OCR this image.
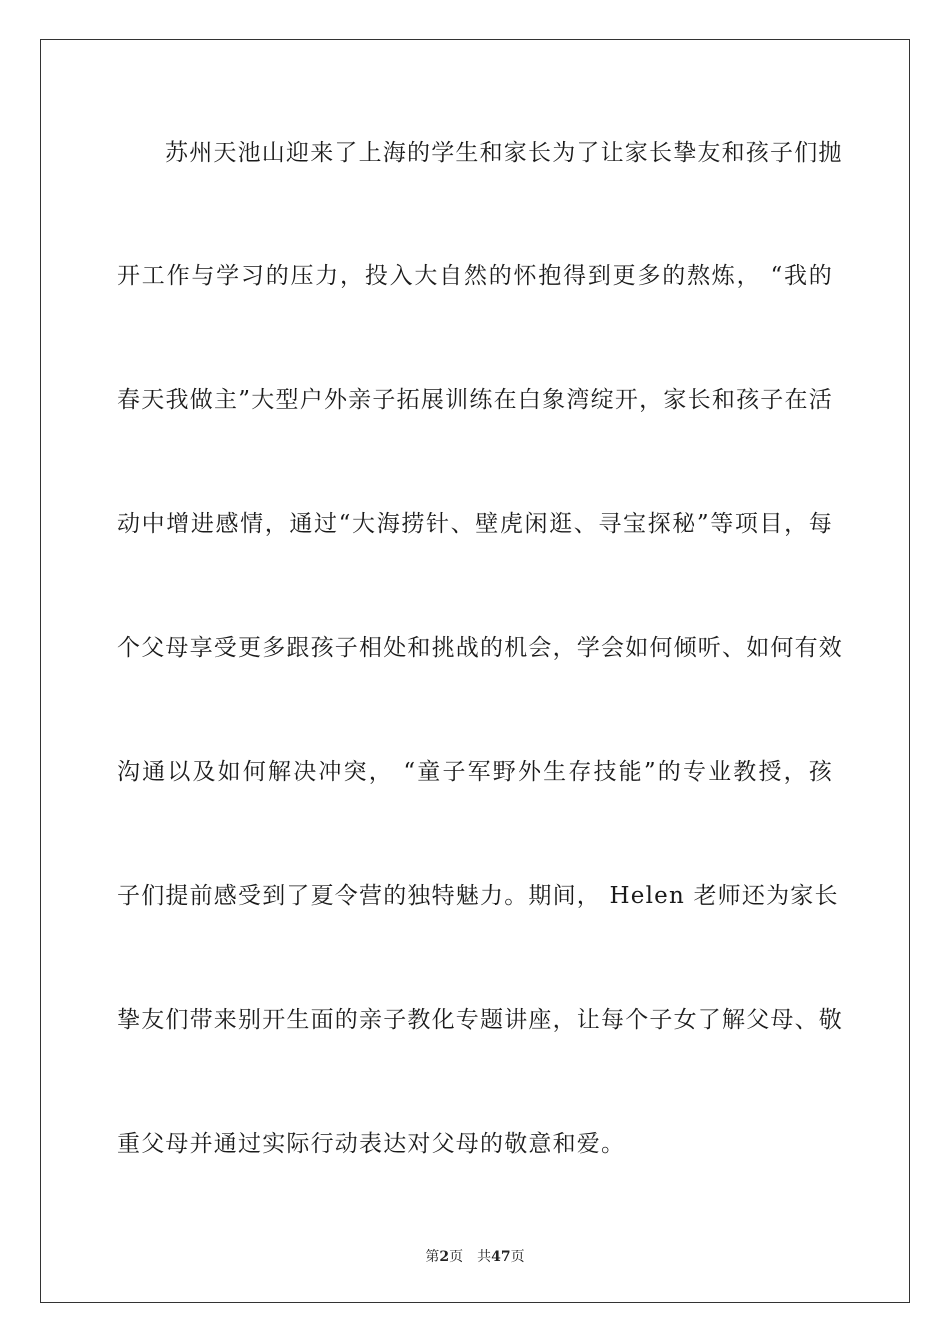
苏州天池山迎来了上海的学生和家长为了让家长挚友和孩子们抛
开工作与学习的压力，投入大自然的怀抱得到更多的熬炼， “我的
春天我做主”大型户外亲子拓展训练在白象湾绽开，家长和孩子在活
动中增进感情，通过“大海捞针、壁虎闲逛、寻宝探秘”等项目，每
个父母享受更多跟孩子相处和挑战的机会，学会如何倾听、如何有效
沟通以及如何解决冲突， “童子军野外生存技能”的专业教授，孩
子们提前感受到了夏令营的独特魅力。期间， Helen 老师还为家长
挚友们带来别开生面的亲子教化专题讲座，让每个子女了解父母、敬
重父母并通过实际行动表达对父母的敬意和爱。
第2页 共47页
